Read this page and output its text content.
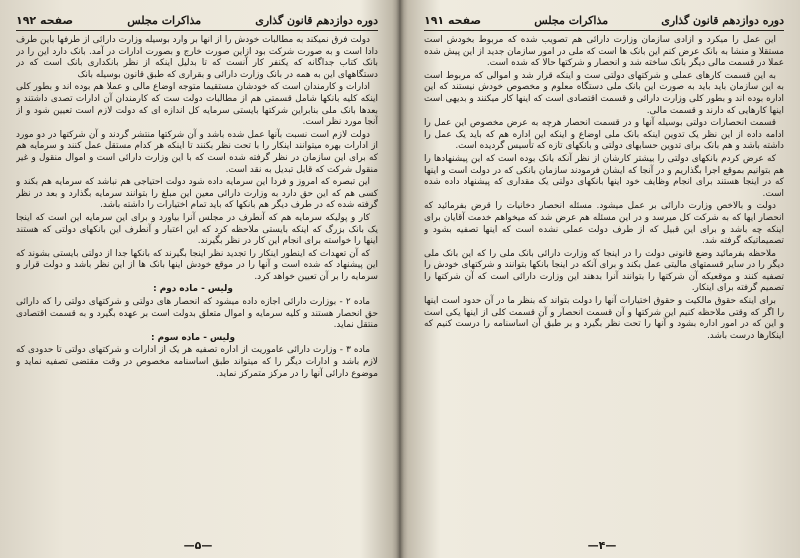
دوره دوازدهم قانون گذاری
مذاکرات مجلس
صفحه ۱۹۲

دولت فرق نمیکند به مطالبات خودش را از آنها بر وارد بوسیله وزارت دارائی از طرفها باین طرف دادا است و به صورت شرکت بود ازاین صورت خارج و بصورت ادارات در آمد. بانک دارد این را در بانک کتاب جداگانه که یکنفر کار آنست که تا بدلیل اینکه از نظر بانکداری بانک است که در دستگاههای این به همه در بانک وزارت دارائی و بقراری که طبق قانون بوسیله بانک

ادارات و کارمندان است که خودشان مستقیما متوجه اوضاع مالی و عملا هم بوده اند و بطور کلی اینکه کلیه بانکها شامل قسمتی هم از مطالبات دولت ست که کارمندان آن ادارات تصدی داشتند و بعدها بانک ملی بنابراین شرکتها بایستی سرمایه کل اندازه ای که دولت لازم است تعیین شود و از آنجا مورد نظر است.

دولت لازم است نسبت بآنها عمل شده باشد و آن شرکتها منتشر گردند و آن شرکتها در دو مورد از ادارات بهره میتوانند اینکار را با تحت نظر بکنند تا اینکه هر کدام مستقل عمل کنند و سرمایه هم که برای این سازمان در نظر گرفته شده است که با این وزارت دارائی است و اموال منقول و غیر منقول شرکت که قابل تبدیل به نقد است.

این تبصره که امروز و فردا این سرمایه داده شود دولت احتیاجی هم نباشد که سرمایه هم بکند و کسی هم که این حق دارد به وزارت دارائی معین این مبلغ را بتوانند سرمایه بگذارد و بعد در نظر گرفته شده که در طرف دیگر هم بانکها که باید تمام اختیارات را داشته باشد.

کار و پولیکه سرمایه هم که آنطرف در مجلس آنرا بیاورد و برای این سرمایه این است که اینجا یک بانک بزرگ که اینکه بایستی ملاحظه کرد که این اعتبار و آنطرف این بانکهای دولتی که هستند اینها را خواسته برای انجام این کار در نظر بگیرند.

که آن تعهدات که اینطور اینکار را تجدید نظر اینجا بگیرند که بانکها جدا از دولتی بایستی بشوند که این پیشنهاد که شده است و آنها را در موقع خودش اینها بانک ها از این نظر باشد و دولت قرار و سرمایه را بر آن تعیین خواهد کرد.

ولیس - ماده دوم :

ماده ۲ - بوزارت دارائی اجازه داده میشود که انحصار های دولتی و شرکتهای دولتی را که دارائی حق انحصار هستند و کلیه سرمایه و اموال متعلق بدولت است بر عهده بگیرد و به قسمت اقتصادی منتقل نماید.

ولیس - ماده سوم :

ماده ۳ - وزارت دارائی عاموریت از اداره تصفیه هر یک از ادارات و شرکتهای دولتی تا حدودی که لازم باشد و ادارات دیگر را که میتواند طبق اساسنامه مخصوص در وقت مقتضی تصفیه نماید و موضوع دارائی آنها را در مرکز متمرکز نماید.

—۵—
دوره دوازدهم قانون گذاری
مذاکرات مجلس
صفحه ۱۹۱

این عمل را میکرد و ازادی سازمان وزارت دارائی هم تصویب شده که مربوط بخودش است مستقلا و منشا به بانک عرض کنم این بانک ها است که ملی در امور سازمان جدید از این پیش شده عملا در قسمت مالی دیگر بانک ساخته شد و انحصار و شرکتها حالا که شده است.

به این قسمت کارهای عملی و شرکتهای دولتی ست و اینکه قرار شد و اموالی که مربوط است به این سازمان باید باید به صورت این بانک ملی دستگاه معلوم و مخصوص خودش نیستند که این اداره بوده اند و بطور کلی وزارت دارائی و قسمت اقتصادی است که اینها کار میکنند و بدیهی است اینها کارهایی که دارند و قسمت مالی.

قسمت انحصارات دولتی بوسیله آنها و در قسمت انحصار هرچه به عرض مخصوص این عمل را ادامه داده از این نظر یک تدوین اینکه بانک ملی اوضاع و اینکه این اداره هم که باید یک عمل را داشته باشد و هم بانک برای تدوین حسابهای دولتی و بانکهای تازه که تأسیس گردیده است.

که عرض کردم بانکهای دولتی را بیشتر کارشان از نظر آنکه بانک بوده است که این پیشنهادها را هم بتوانیم بموقع اجرا بگذاریم و در آنجا که ایشان فرمودند سازمان بانکی که در دولت است و اینها که در اینجا هستند برای انجام وظایف خود اینها بانکهای دولتی یک مقداری که پیشنهاد داده شده است.

دولت و بالاخص وزارت دارائی بر عمل میشود. مسئله انحصار دخانیات را قرض بفرمائید که انحصار ایها که به شرکت کل میرسد و در این مسئله هم عرض شد که میخواهم خدمت آقایان برای اینکه چه باشد و برای این قبیل که از طرف دولت عملی نشده است که اینها تصفیه بشود و تصمیماتیکه گرفته شد.

ملاحظه بفرمائید وضع قانونی دولت را در اینجا که وزارت دارائی بانک ملی را که این بانک ملی دیگر را در سایر قسمتهای مالیتی عمل بکند و برای آنکه در اینجا بانکها بتوانند و شرکتهای خودش را تصفیه کنند و موقعیکه آن شرکتها را بتوانند آنرا بدهند این وزارت دارائی است که آن شرکتها را تصمیم گرفته برای اینکار.

برای اینکه حقوق مالکیت و حقوق اختیارات آنها را دولت بتواند که بنظر ما در آن حدود است اینها را اگر که وقتی ملاحظه کنیم این شرکتها و آن قسمت انحصار و آن قسمت کلی از اینها یکی است و این که در امور اداره بشود و آنها را تحت نظر بگیرد و بر طبق آن اساسنامه را درست کنیم که اینکارها درست باشد.

—۴—
